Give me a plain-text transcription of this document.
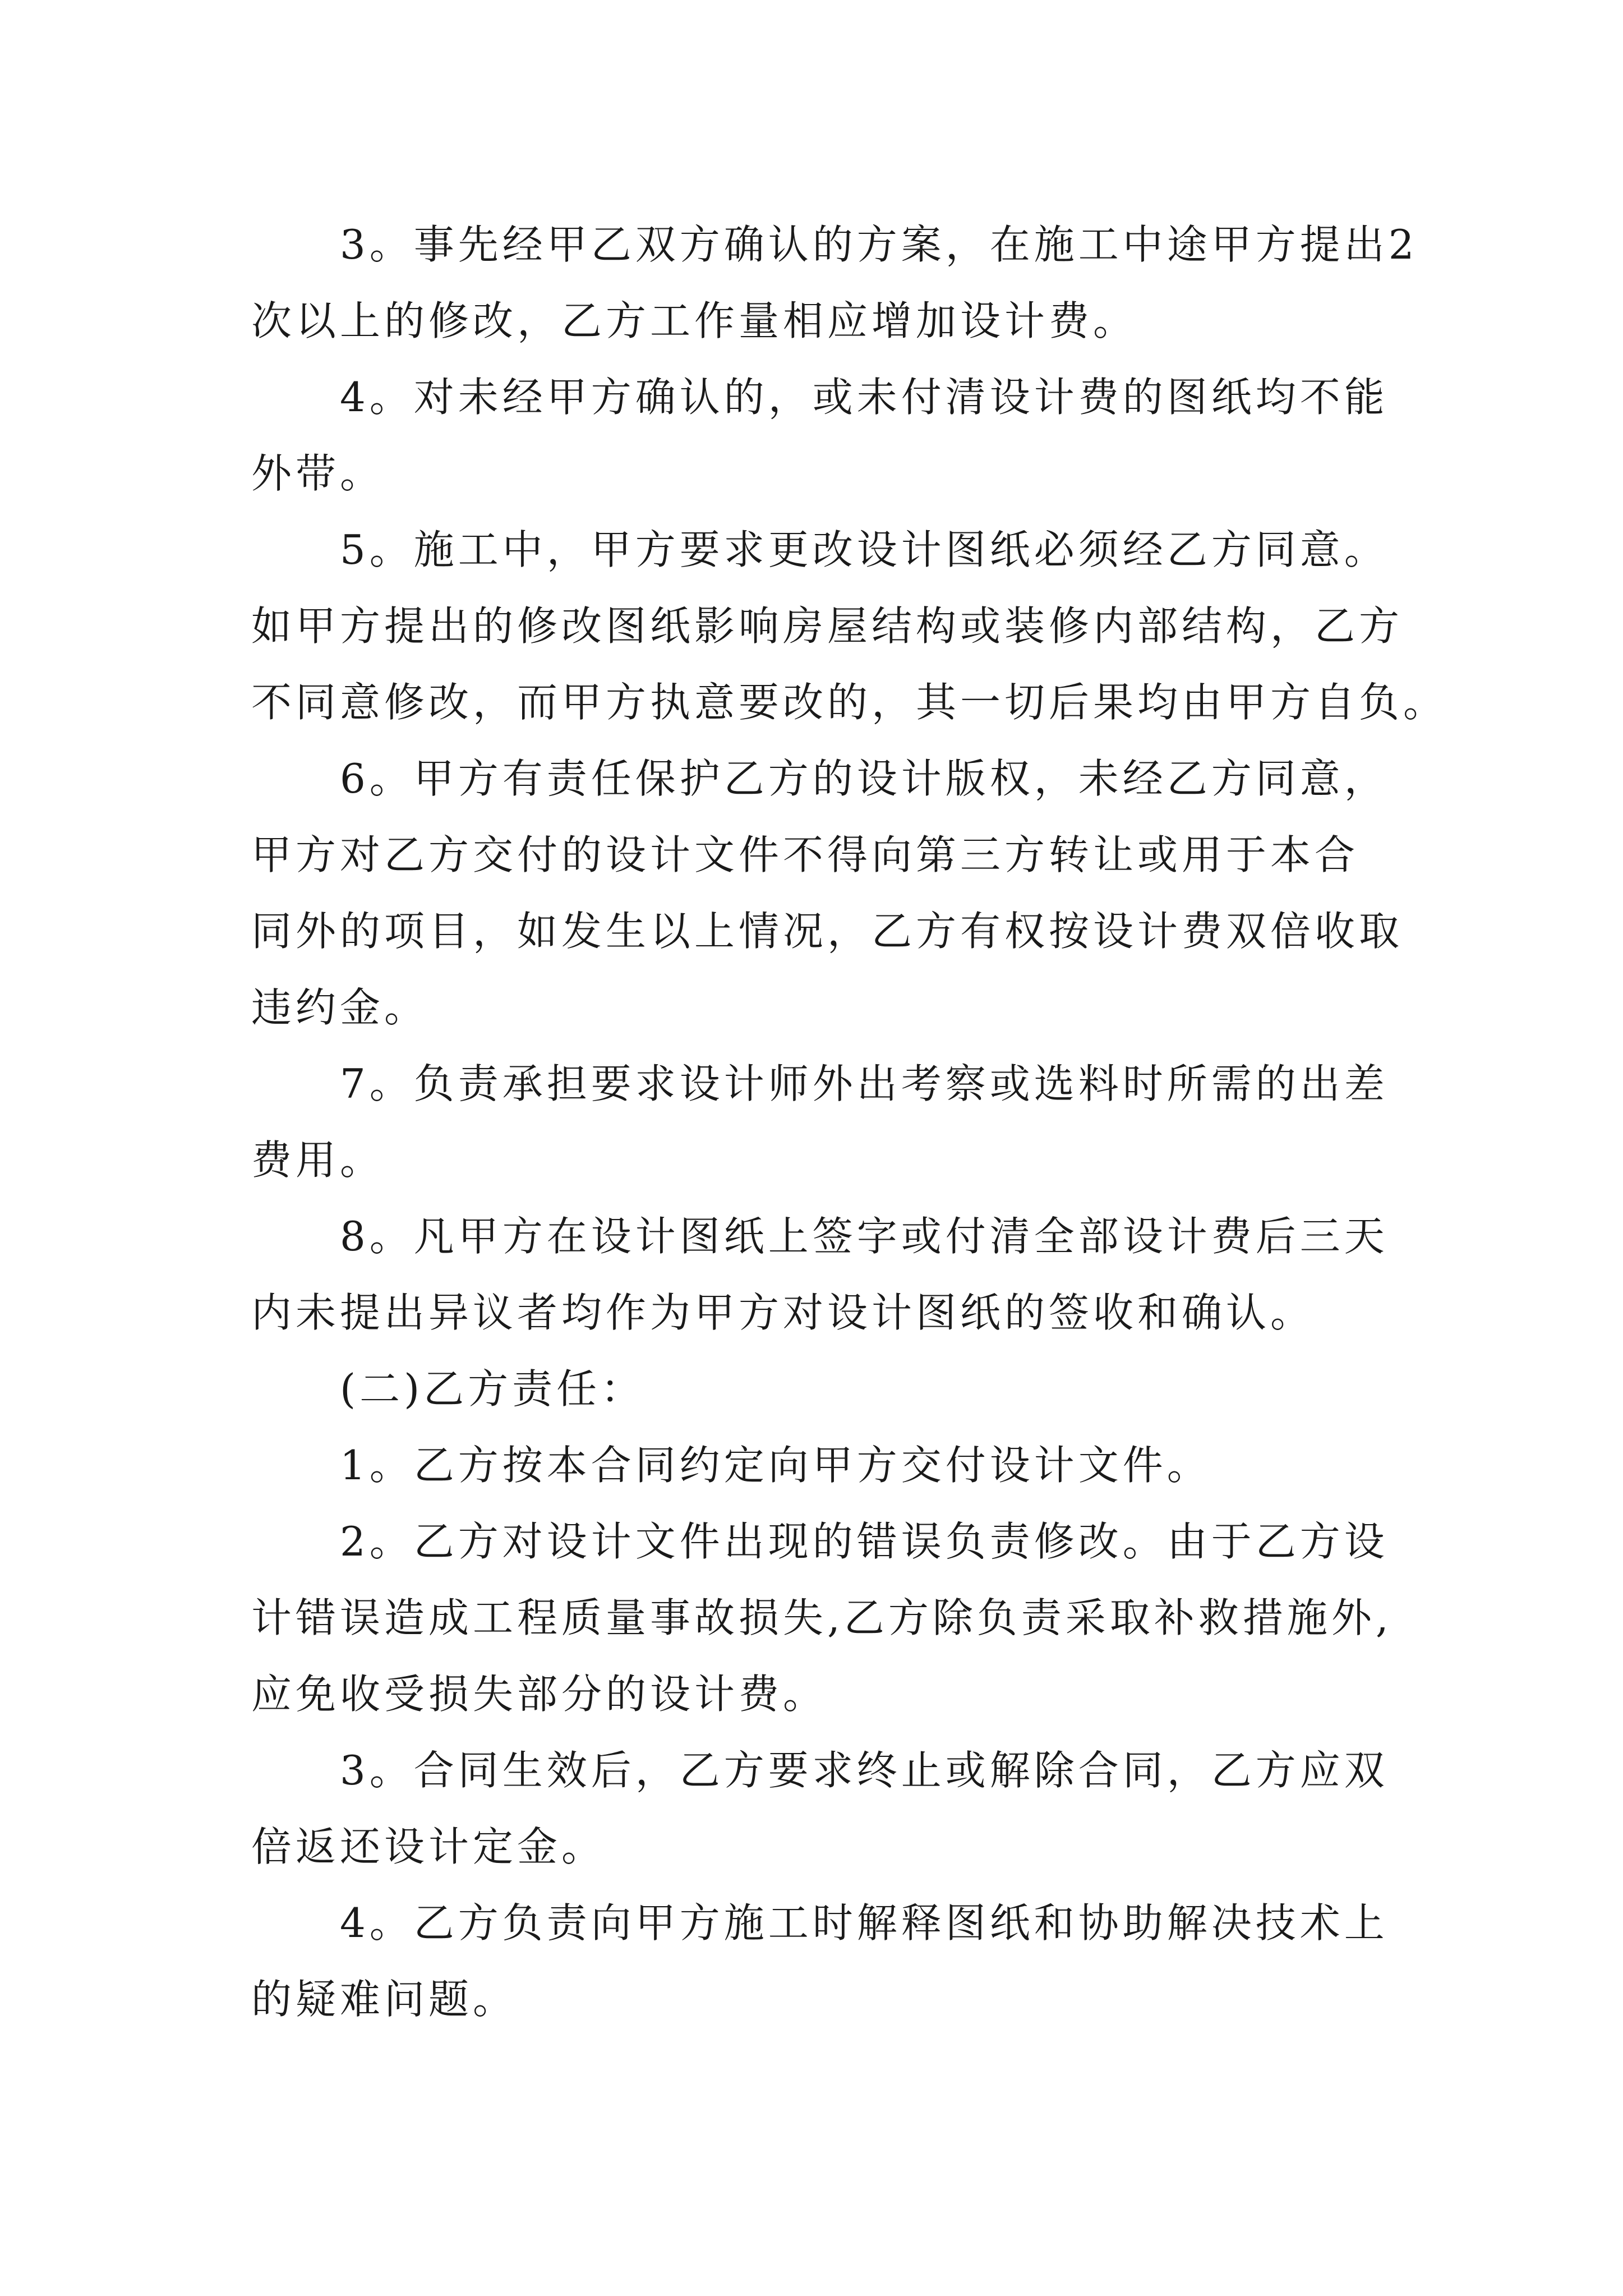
3。事先经甲乙双方确认的方案，在施工中途甲方提出2
次以上的修改，乙方工作量相应增加设计费。

4。对未经甲方确认的，或未付清设计费的图纸均不能
外带。

5。施工中，甲方要求更改设计图纸必须经乙方同意。
如甲方提出的修改图纸影响房屋结构或装修内部结构，乙方
不同意修改，而甲方执意要改的，其一切后果均由甲方自负。

6。甲方有责任保护乙方的设计版权，未经乙方同意，
甲方对乙方交付的设计文件不得向第三方转让或用于本合
同外的项目，如发生以上情况，乙方有权按设计费双倍收取
违约金。

7。负责承担要求设计师外出考察或选料时所需的出差
费用。

8。凡甲方在设计图纸上签字或付清全部设计费后三天
内未提出异议者均作为甲方对设计图纸的签收和确认。

(二)乙方责任：

1。乙方按本合同约定向甲方交付设计文件。

2。乙方对设计文件出现的错误负责修改。由于乙方设
计错误造成工程质量事故损失,乙方除负责采取补救措施外,
应免收受损失部分的设计费。

3。合同生效后，乙方要求终止或解除合同，乙方应双
倍返还设计定金。

4。乙方负责向甲方施工时解释图纸和协助解决技术上
的疑难问题。
